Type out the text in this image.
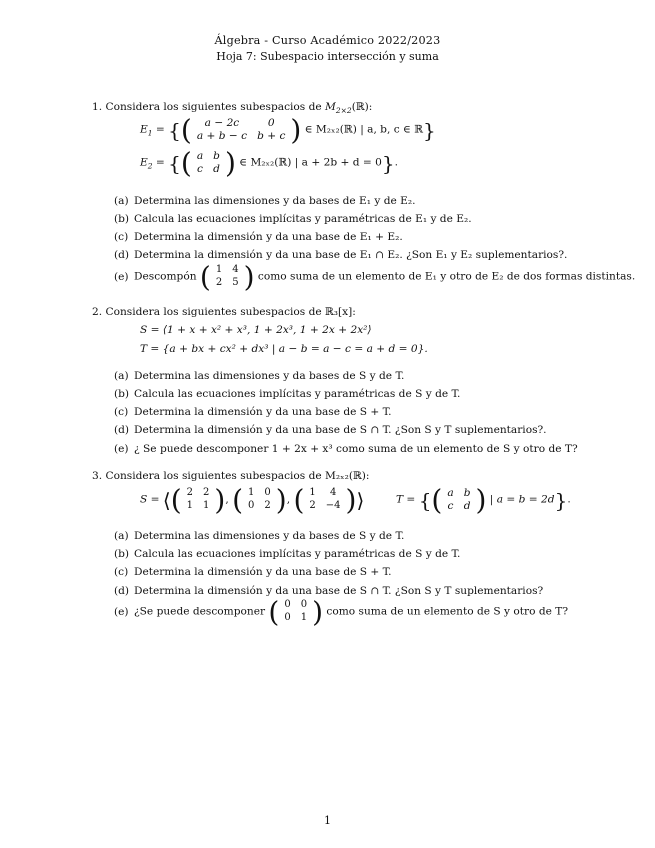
Álgebra - Curso Académico 2022/2023
Hoja 7: Subespacio intersección y suma
1. Considera los siguientes subespacios de $M_{2\times 2}(ℝ)$:
$E_1$ = {( a − 2c	0
a + b − c	b + c ) ∈ M₂ₓ₂(ℝ) | a, b, c ∈ ℝ}
$E_2$ = {( a	b
c	d ) ∈ M₂ₓ₂(ℝ) | a + 2b + d = 0}.
(a) Determina las dimensiones y da bases de E₁ y de E₂.
(b) Calcula las ecuaciones implícitas y paramétricas de E₁ y de E₂.
(c) Determina la dimensión y da una base de E₁ + E₂.
(d) Determina la dimensión y da una base de E₁ ∩ E₂. ¿Son E₁ y E₂ suplementarios?.
(e) Descompón ( 1	4
2	5 ) como suma de un elemento de E₁ y otro de E₂ de dos formas distintas.
2. Considera los siguientes subespacios de ℝ₃[x]:
S = ⟨1 + x + x² + x³, 1 + 2x³, 1 + 2x + 2x²⟩
T = {a + bx + cx² + dx³ | a − b = a − c = a + d = 0}.
(a) Determina las dimensiones y da bases de S y de T.
(b) Calcula las ecuaciones implícitas y paramétricas de S y de T.
(c) Determina la dimensión y da una base de S + T.
(d) Determina la dimensión y da una base de S ∩ T. ¿Son S y T suplementarios?.
(e) ¿ Se puede descomponer 1 + 2x + x³ como suma de un elemento de S y otro de T?
3. Considera los siguientes subespacios de M₂ₓ₂(ℝ):
S = ⟨( 2	2
1	1 ), ( 1	0
0	2 ), ( 1	4
2	−4 )⟩	T = {( a	b
c	d ) | a = b = 2d}.
(a) Determina las dimensiones y da bases de S y de T.
(b) Calcula las ecuaciones implícitas y paramétricas de S y de T.
(c) Determina la dimensión y da una base de S + T.
(d) Determina la dimensión y da una base de S ∩ T. ¿Son S y T suplementarios?
(e) ¿Se puede descomponer ( 0	0
0	1 ) como suma de un elemento de S y otro de T?
1
